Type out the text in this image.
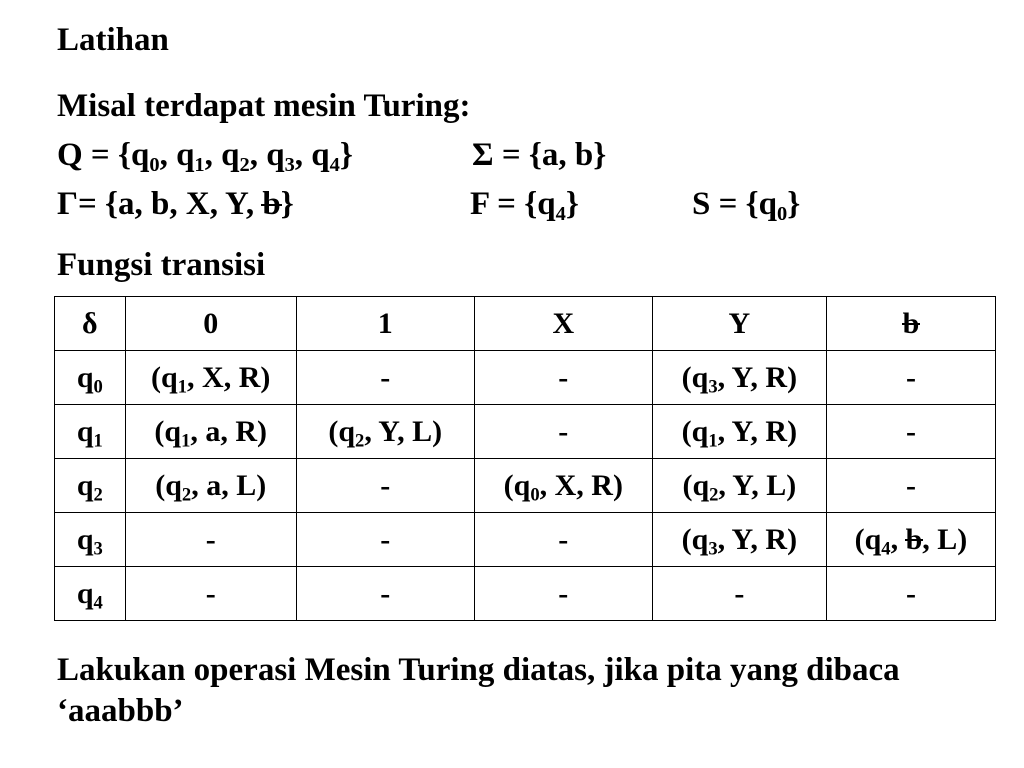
Latihan
Misal terdapat mesin Turing:
$Q = \{q_0$, $q_1$, $q_2$, $q_3$, $q_4$}	Σ = {a, b}
Γ= {a, b, X, Y, b}	$F = \{q_4\}$	$S = \{q_0\}$
Fungsi transisi
δ	0	1	X	Y	b
$q_0$	($q_1$, X, R)	-	-	($q_3$, Y, R)	-
$q_1$	($q_1$, a, R)	($q_2$, Y, L)	-	($q_1$, Y, R)	-
$q_2$	($q_2$, a, L)	-	($q_0$, X, R)	($q_2$, Y, L)	-
$q_3$	-	-	-	($q_3$, Y, R)	($q_4$, b, L)
$q_4$	-	-	-	-	-
Lakukan operasi Mesin Turing diatas, jika pita yang dibaca ‘aaabbb’
